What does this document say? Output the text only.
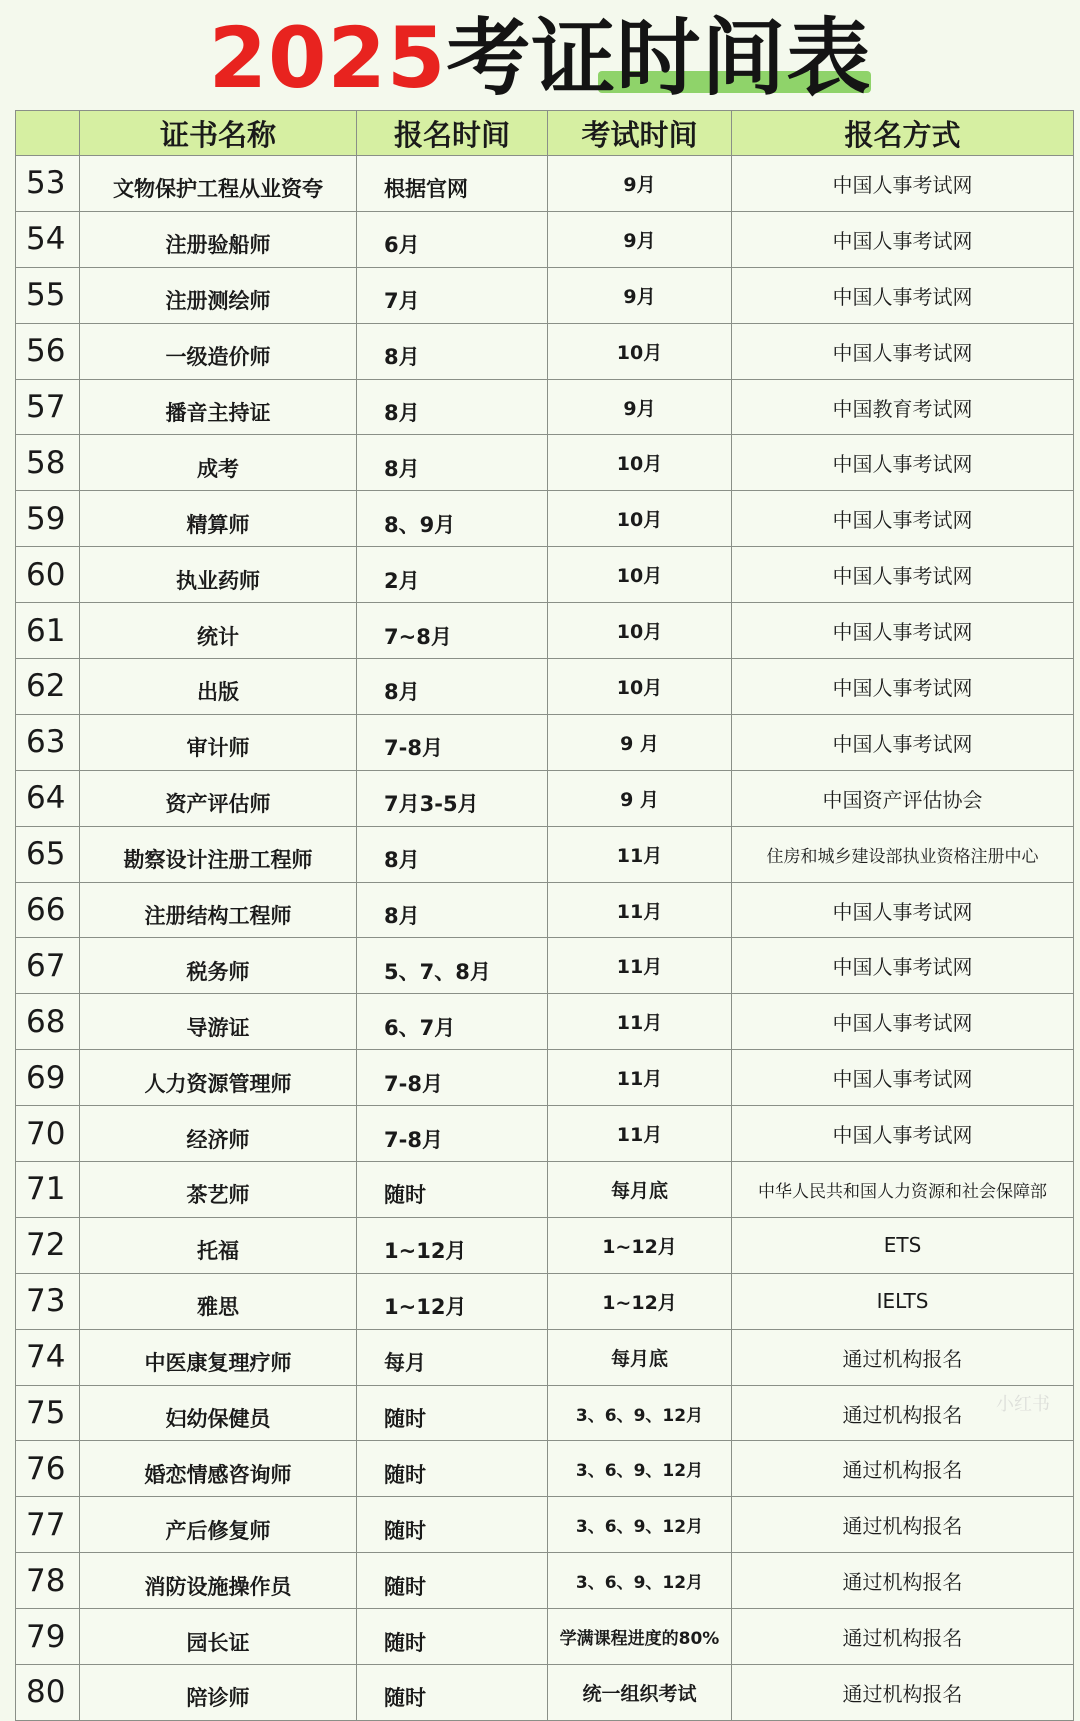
2025
考证时间表
	证书名称	报名时间	考试时间	报名方式
53	文物保护工程从业资夸	根据官网	9月	中国人事考试网
54	注册验船师	6月	9月	中国人事考试网
55	注册测绘师	7月	9月	中国人事考试网
56	一级造价师	8月	10月	中国人事考试网
57	播音主持证	8月	9月	中国教育考试网
58	成考	8月	10月	中国人事考试网
59	精算师	8、9月	10月	中国人事考试网
60	执业药师	2月	10月	中国人事考试网
61	统计	7~8月	10月	中国人事考试网
62	出版	8月	10月	中国人事考试网
63	审计师	7-8月	9 月	中国人事考试网
64	资产评估师	7月3-5月	9 月	中国资产评估协会
65	勘察设计注册工程师	8月	11月	住房和城乡建设部执业资格注册中心
66	注册结构工程师	8月	11月	中国人事考试网
67	税务师	5、7、8月	11月	中国人事考试网
68	导游证	6、7月	11月	中国人事考试网
69	人力资源管理师	7-8月	11月	中国人事考试网
70	经济师	7-8月	11月	中国人事考试网
71	茶艺师	随时	每月底	中华人民共和国人力资源和社会保障部
72	托福	1~12月	1~12月	ETS
73	雅思	1~12月	1~12月	IELTS
74	中医康复理疗师	每月	每月底	通过机构报名
75	妇幼保健员	随时	3、6、9、12月	通过机构报名
76	婚恋情感咨询师	随时	3、6、9、12月	通过机构报名
77	产后修复师	随时	3、6、9、12月	通过机构报名
78	消防设施操作员	随时	3、6、9、12月	通过机构报名
79	园长证	随时	学满课程进度的80%	通过机构报名
80	陪诊师	随时	统一组织考试	通过机构报名
小红书
